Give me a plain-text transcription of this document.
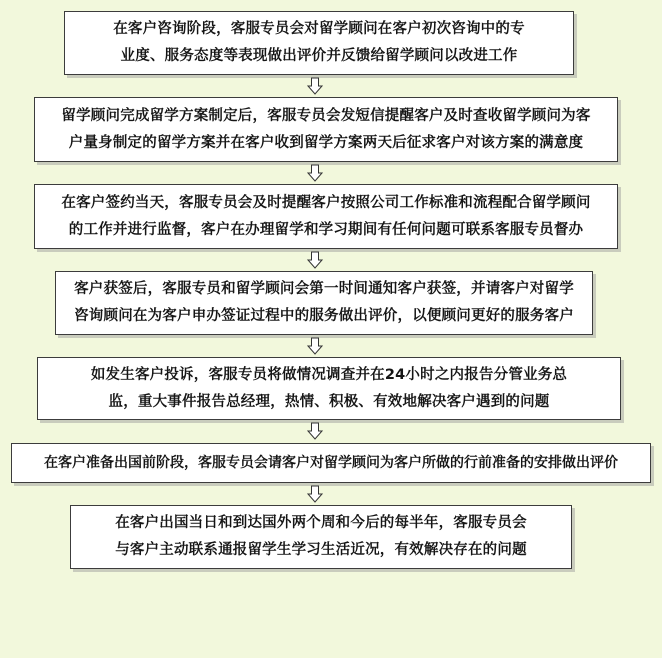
在客户咨询阶段，客服专员会对留学顾问在客户初次咨询中的专
业度、服务态度等表现做出评价并反馈给留学顾问以改进工作
留学顾问完成留学方案制定后，客服专员会发短信提醒客户及时查收留学顾问为客
户量身制定的留学方案并在客户收到留学方案两天后征求客户对该方案的满意度
在客户签约当天，客服专员会及时提醒客户按照公司工作标准和流程配合留学顾问
的工作并进行监督，客户在办理留学和学习期间有任何问题可联系客服专员督办
客户获签后，客服专员和留学顾问会第一时间通知客户获签，并请客户对留学
咨询顾问在为客户申办签证过程中的服务做出评价，以便顾问更好的服务客户
如发生客户投诉，客服专员将做情况调查并在24小时之内报告分管业务总
监，重大事件报告总经理，热情、积极、有效地解决客户遇到的问题
在客户准备出国前阶段，客服专员会请客户对留学顾问为客户所做的行前准备的安排做出评价
在客户出国当日和到达国外两个周和今后的每半年，客服专员会
与客户主动联系通报留学生学习生活近况，有效解决存在的问题
